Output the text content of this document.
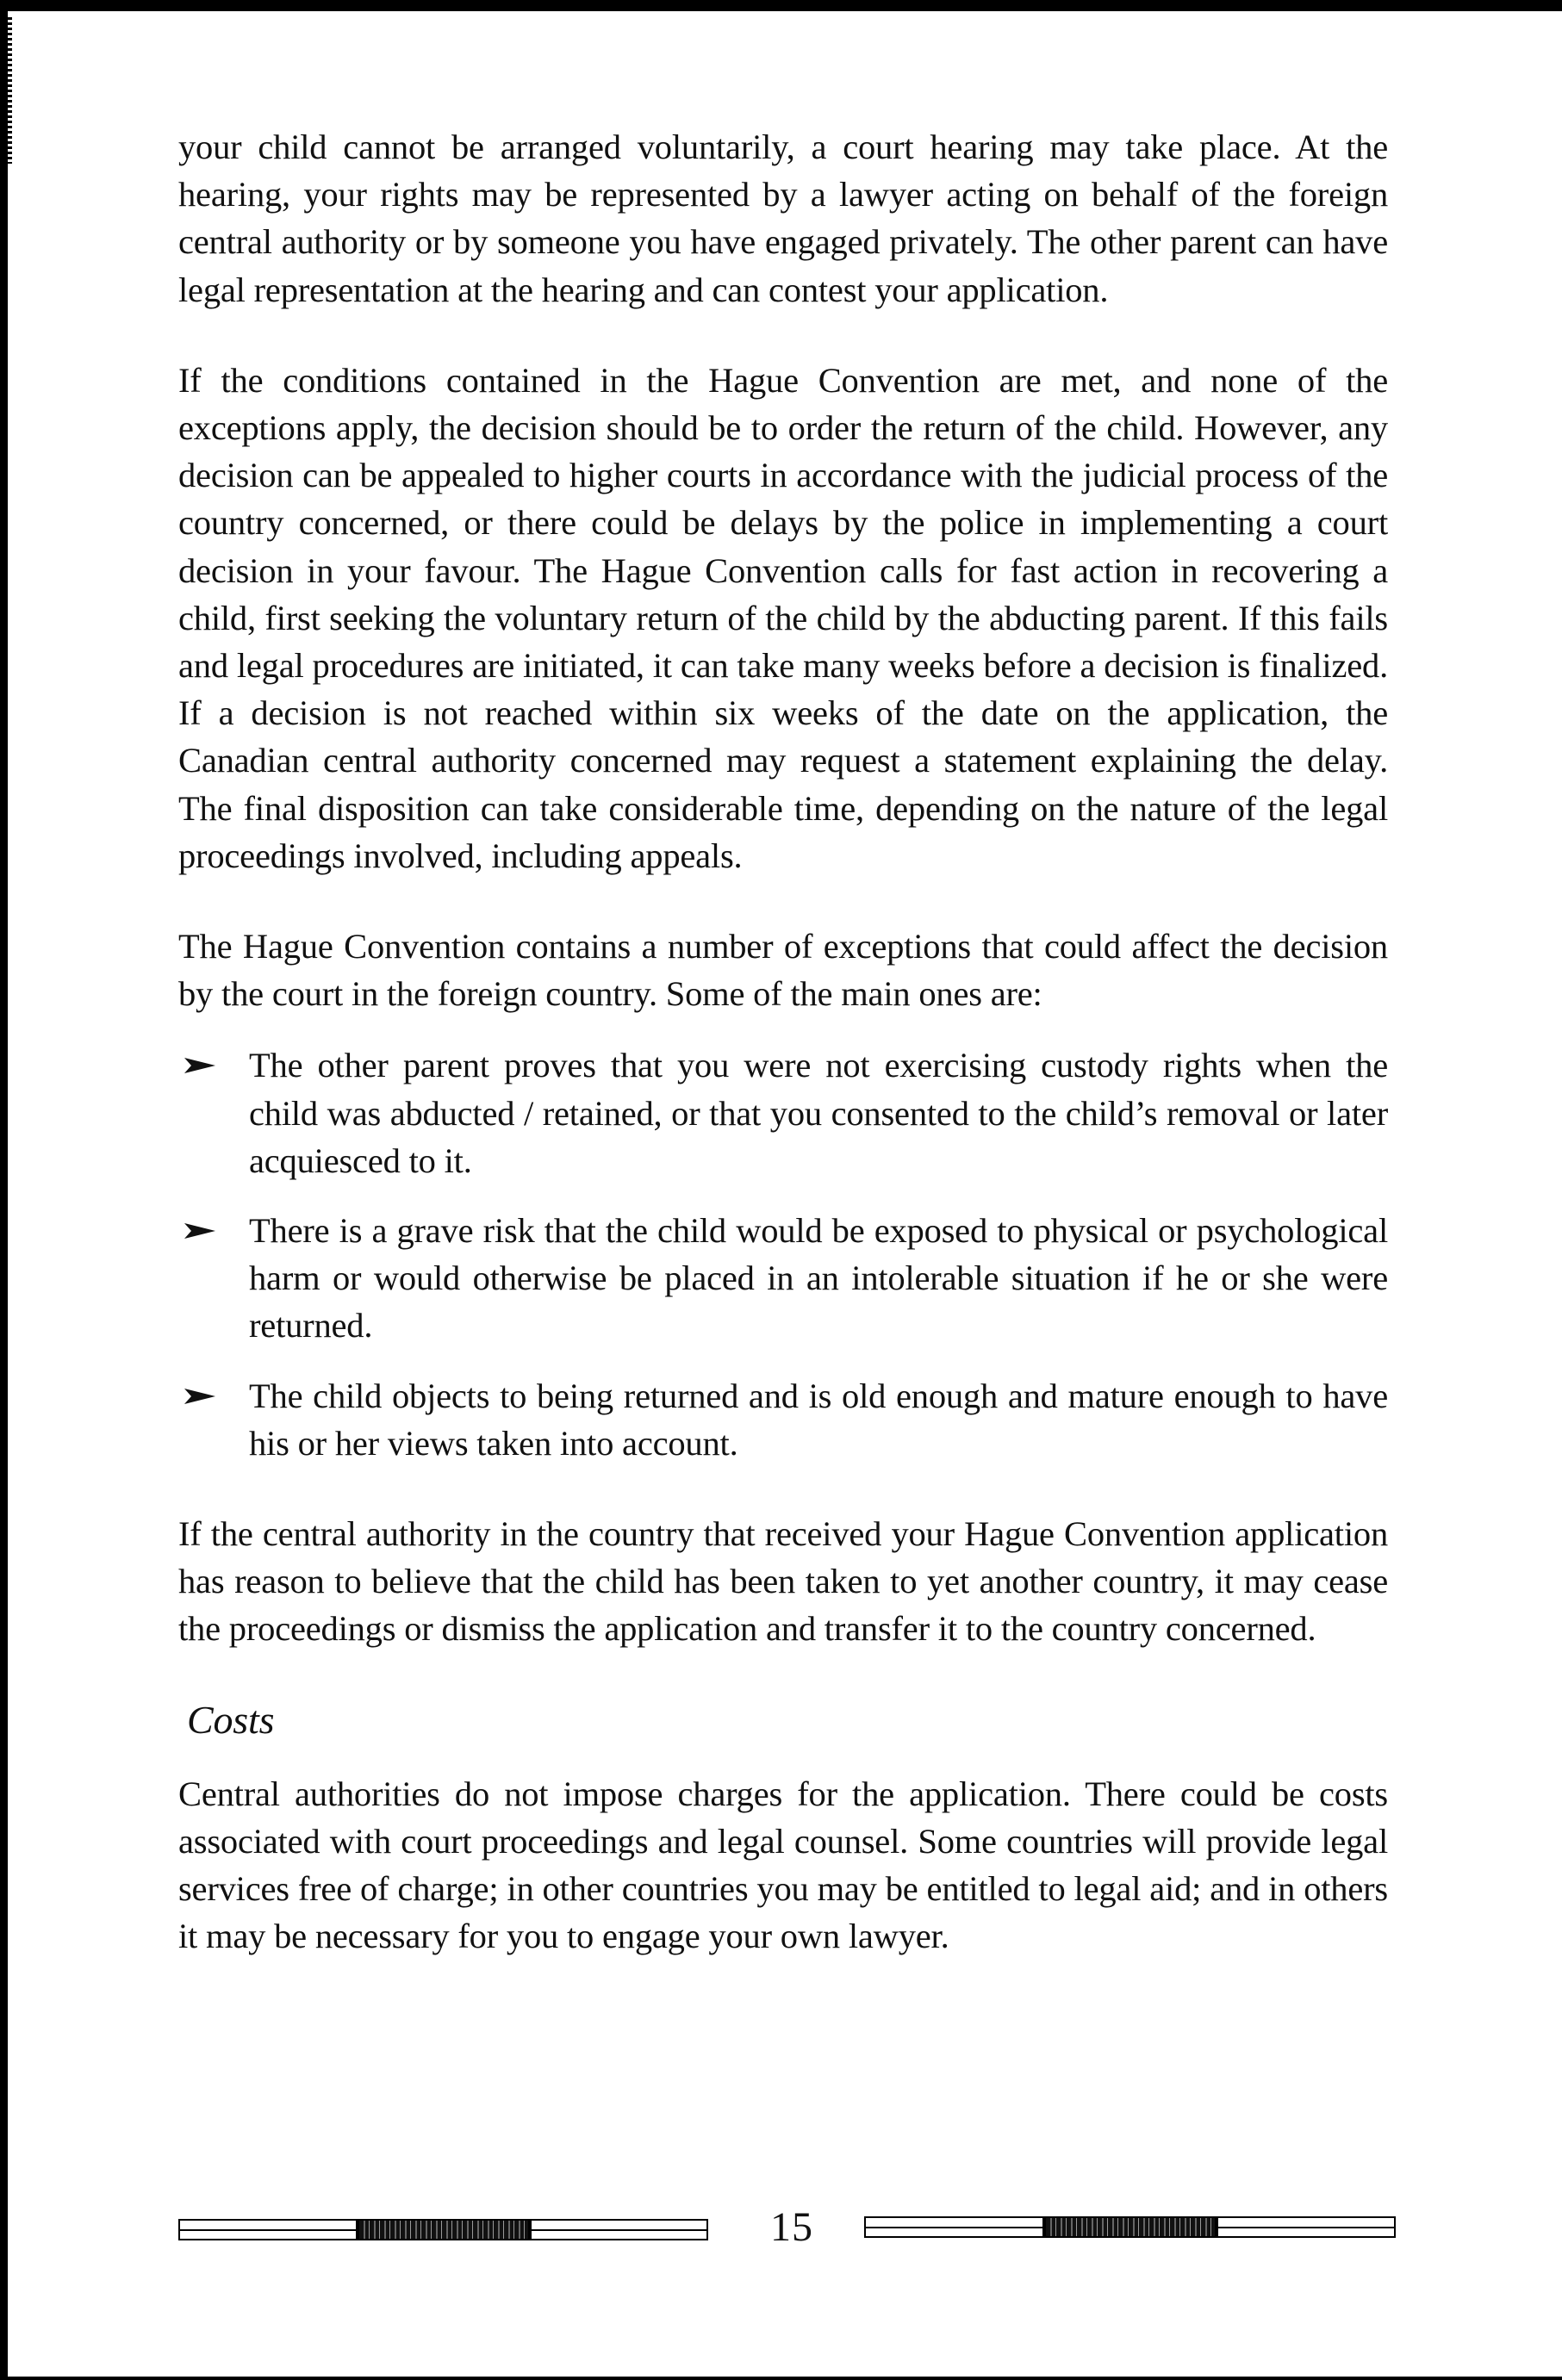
your child cannot be arranged voluntarily, a court hearing may take place. At the hearing, your rights may be represented by a lawyer acting on behalf of the foreign central authority or by someone you have engaged privately. The other parent can have legal representation at the hearing and can contest your application.

If the conditions contained in the Hague Convention are met, and none of the exceptions apply, the decision should be to order the return of the child. However, any decision can be appealed to higher courts in accordance with the judicial process of the country concerned, or there could be delays by the police in implementing a court decision in your favour. The Hague Convention calls for fast action in recovering a child, first seeking the voluntary return of the child by the abducting parent. If this fails and legal procedures are initiated, it can take many weeks before a decision is finalized. If a decision is not reached within six weeks of the date on the application, the Canadian central authority concerned may request a statement explaining the delay. The final disposition can take considerable time, depending on the nature of the legal proceedings involved, including appeals.

The Hague Convention contains a number of exceptions that could affect the decision by the court in the foreign country. Some of the main ones are:

The other parent proves that you were not exercising custody rights when the child was abducted / retained, or that you consented to the child’s removal or later acquiesced to it.
There is a grave risk that the child would be exposed to physical or psychological harm or would otherwise be placed in an intolerable situation if he or she were returned.
The child objects to being returned and is old enough and mature enough to have his or her views taken into account.

If the central authority in the country that received your Hague Convention application has reason to believe that the child has been taken to yet another country, it may cease the proceedings or dismiss the application and transfer it to the country concerned.

Costs

Central authorities do not impose charges for the application. There could be costs associated with court proceedings and legal counsel. Some countries will provide legal services free of charge; in other countries you may be entitled to legal aid; and in others it may be necessary for you to engage your own lawyer.

15
